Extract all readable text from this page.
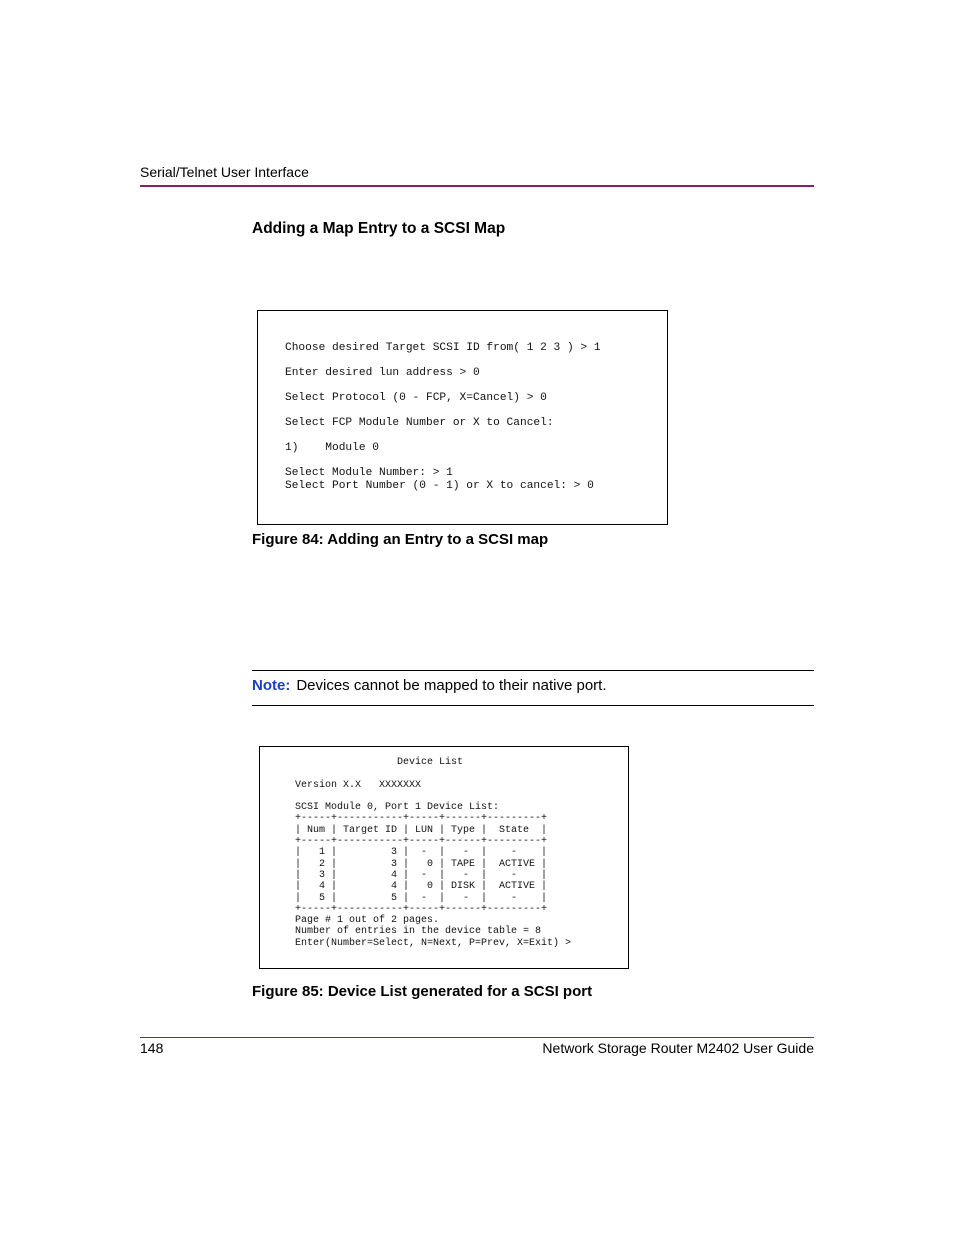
Serial/Telnet User Interface
Adding a Map Entry to a SCSI Map
Choose desired Target SCSI ID from( 1 2 3 ) > 1

Enter desired lun address > 0

Select Protocol (0 - FCP, X=Cancel) > 0

Select FCP Module Number or X to Cancel:

1)    Module 0

Select Module Number: > 1
Select Port Number (0 - 1) or X to cancel: > 0
Figure 84: Adding an Entry to a SCSI map
Note: Devices cannot be mapped to their native port.
Device List

Version X.X   XXXXXXX

SCSI Module 0, Port 1 Device List:
+-----+-----------+-----+------+---------+
| Num | Target ID | LUN | Type |  State  |
+-----+-----------+-----+------+---------+
|   1 |         3 |  -  |   -  |    -    |
|   2 |         3 |   0 | TAPE |  ACTIVE |
|   3 |         4 |  -  |   -  |    -    |
|   4 |         4 |   0 | DISK |  ACTIVE |
|   5 |         5 |  -  |   -  |    -    |
+-----+-----------+-----+------+---------+
Page # 1 out of 2 pages.
Number of entries in the device table = 8
Enter(Number=Select, N=Next, P=Prev, X=Exit) >
Figure 85: Device List generated for a SCSI port
148	Network Storage Router M2402 User Guide
